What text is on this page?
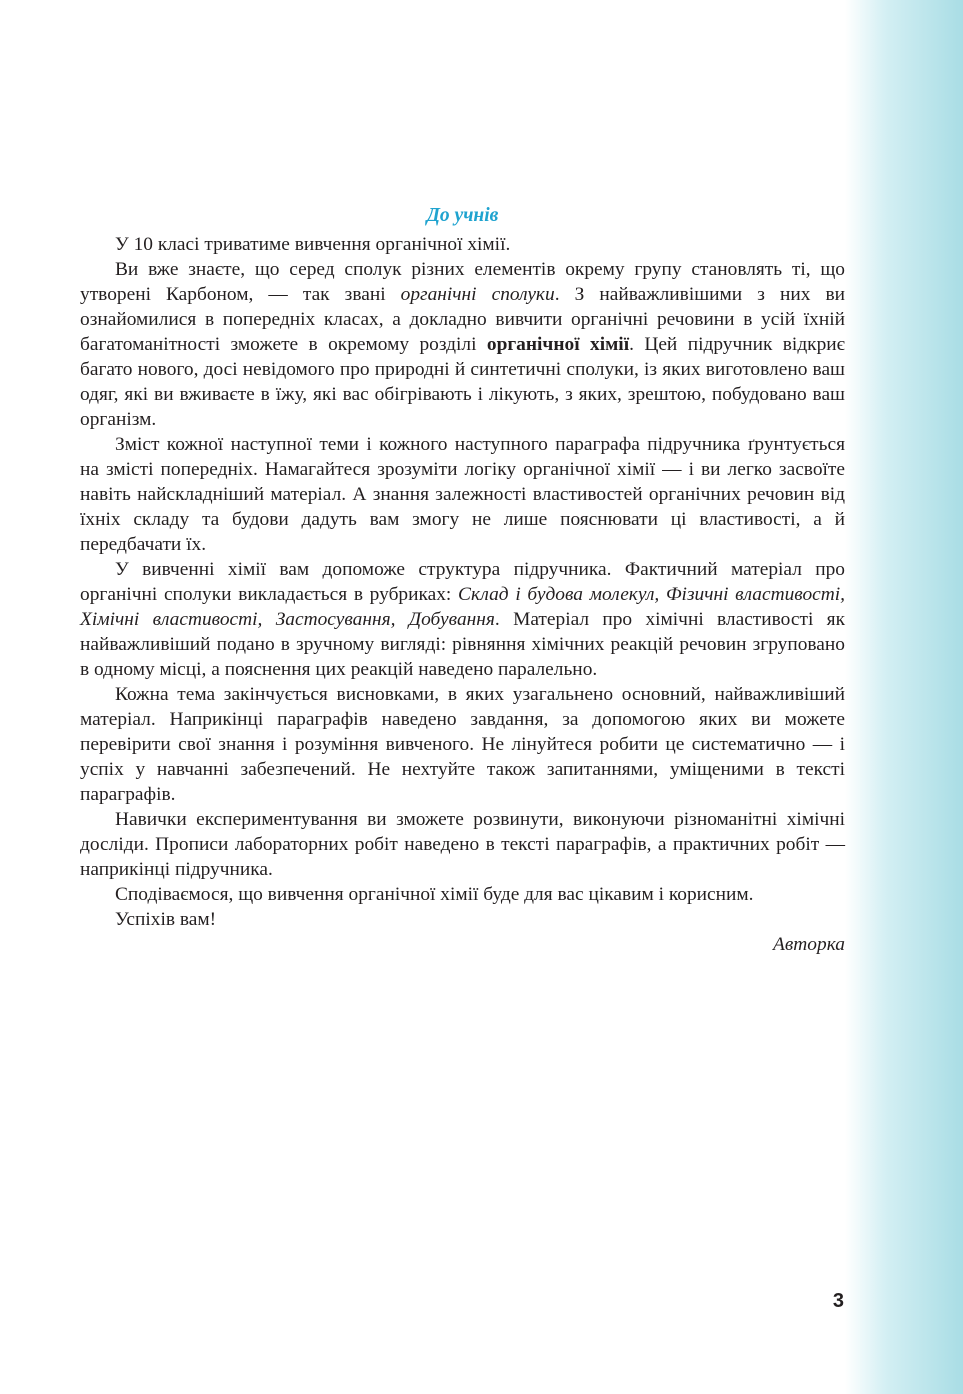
До учнів

У 10 класі триватиме вивчення органічної хімії.

Ви вже знаєте, що серед сполук різних елементів окрему групу становлять ті, що утворені Карбоном, — так звані органічні сполуки. З найважливішими з них ви ознайомилися в попередніх класах, а докладно вивчити органічні речовини в усій їхній багатоманітності зможете в окремому розділі органічної хімії. Цей підручник відкриє багато нового, досі невідомого про природні й синтетичні сполуки, із яких виготовлено ваш одяг, які ви вживаєте в їжу, які вас обігрівають і лікують, з яких, зрештою, побудовано ваш організм.

Зміст кожної наступної теми і кожного наступного параграфа підручника ґрунтується на змісті попередніх. Намагайтеся зрозуміти логіку органічної хімії — і ви легко засвоїте навіть найскладніший матеріал. А знання залежності властивостей органічних речовин від їхніх складу та будови дадуть вам змогу не лише пояснювати ці властивості, а й передбачати їх.

У вивченні хімії вам допоможе структура підручника. Фактичний матеріал про органічні сполуки викладається в рубриках: Склад і будова молекул, Фізичні властивості, Хімічні властивості, Застосування, Добування. Матеріал про хімічні властивості як найважливіший подано в зручному вигляді: рівняння хімічних реакцій речовин згруповано в одному місці, а пояснення цих реакцій наведено паралельно.

Кожна тема закінчується висновками, в яких узагальнено основний, найважливіший матеріал. Наприкінці параграфів наведено завдання, за допомогою яких ви можете перевірити свої знання і розуміння вивченого. Не лінуйтеся робити це систематично — і успіх у навчанні забезпечений. Не нехтуйте також запитаннями, уміщеними в тексті параграфів.

Навички експериментування ви зможете розвинути, виконуючи різноманітні хімічні досліди. Прописи лабораторних робіт наведено в тексті параграфів, а практичних робіт — наприкінці підручника.

Сподіваємося, що вивчення органічної хімії буде для вас цікавим і корисним.

Успіхів вам!

Авторка

3
